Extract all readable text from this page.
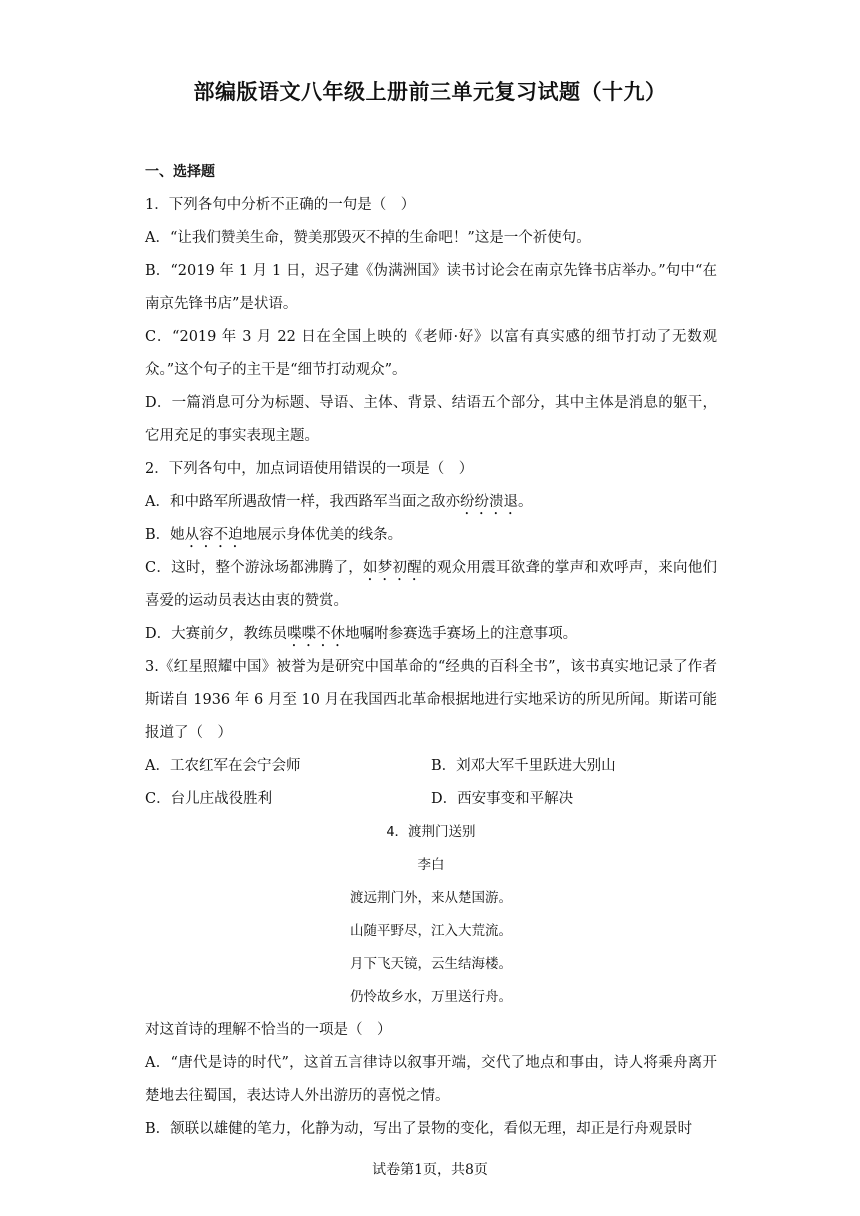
部编版语文八年级上册前三单元复习试题（十九）
一、选择题
1．下列各句中分析不正确的一句是（　）
A．“让我们赞美生命，赞美那毁灭不掉的生命吧！”这是一个祈使句。
B．“2019 年 1 月 1 日，迟子建《伪满洲国》读书讨论会在南京先锋书店举办。”句中“在南京先锋书店”是状语。
C．“2019 年 3 月 22 日在全国上映的《老师·好》以富有真实感的细节打动了无数观众。”这个句子的主干是“细节打动观众”。
D．一篇消息可分为标题、导语、主体、背景、结语五个部分，其中主体是消息的躯干，它用充足的事实表现主题。
2．下列各句中，加点词语使用错误的一项是（　）
A．和中路军所遇敌情一样，我西路军当面之敌亦纷纷溃退。
B．她从容不迫地展示身体优美的线条。
C．这时，整个游泳场都沸腾了，如梦初醒的观众用震耳欲聋的掌声和欢呼声，来向他们喜爱的运动员表达由衷的赞赏。
D．大赛前夕，教练员喋喋不休地嘱咐参赛选手赛场上的注意事项。
3.《红星照耀中国》被誉为是研究中国革命的“经典的百科全书”，该书真实地记录了作者斯诺自 1936 年 6 月至 10 月在我国西北革命根据地进行实地采访的所见所闻。斯诺可能报道了（　）
A．工农红军在会宁会师	B．刘邓大军千里跃进大别山
C．台儿庄战役胜利	D．西安事变和平解决
4．渡荆门送别
李白
渡远荆门外，来从楚国游。
山随平野尽，江入大荒流。
月下飞天镜，云生结海楼。
仍怜故乡水，万里送行舟。
对这首诗的理解不恰当的一项是（　）
A．“唐代是诗的时代”，这首五言律诗以叙事开端，交代了地点和事由，诗人将乘舟离开楚地去往蜀国，表达诗人外出游历的喜悦之情。
B．颔联以雄健的笔力，化静为动，写出了景物的变化，看似无理，却正是行舟观景时
试卷第1页，共8页
